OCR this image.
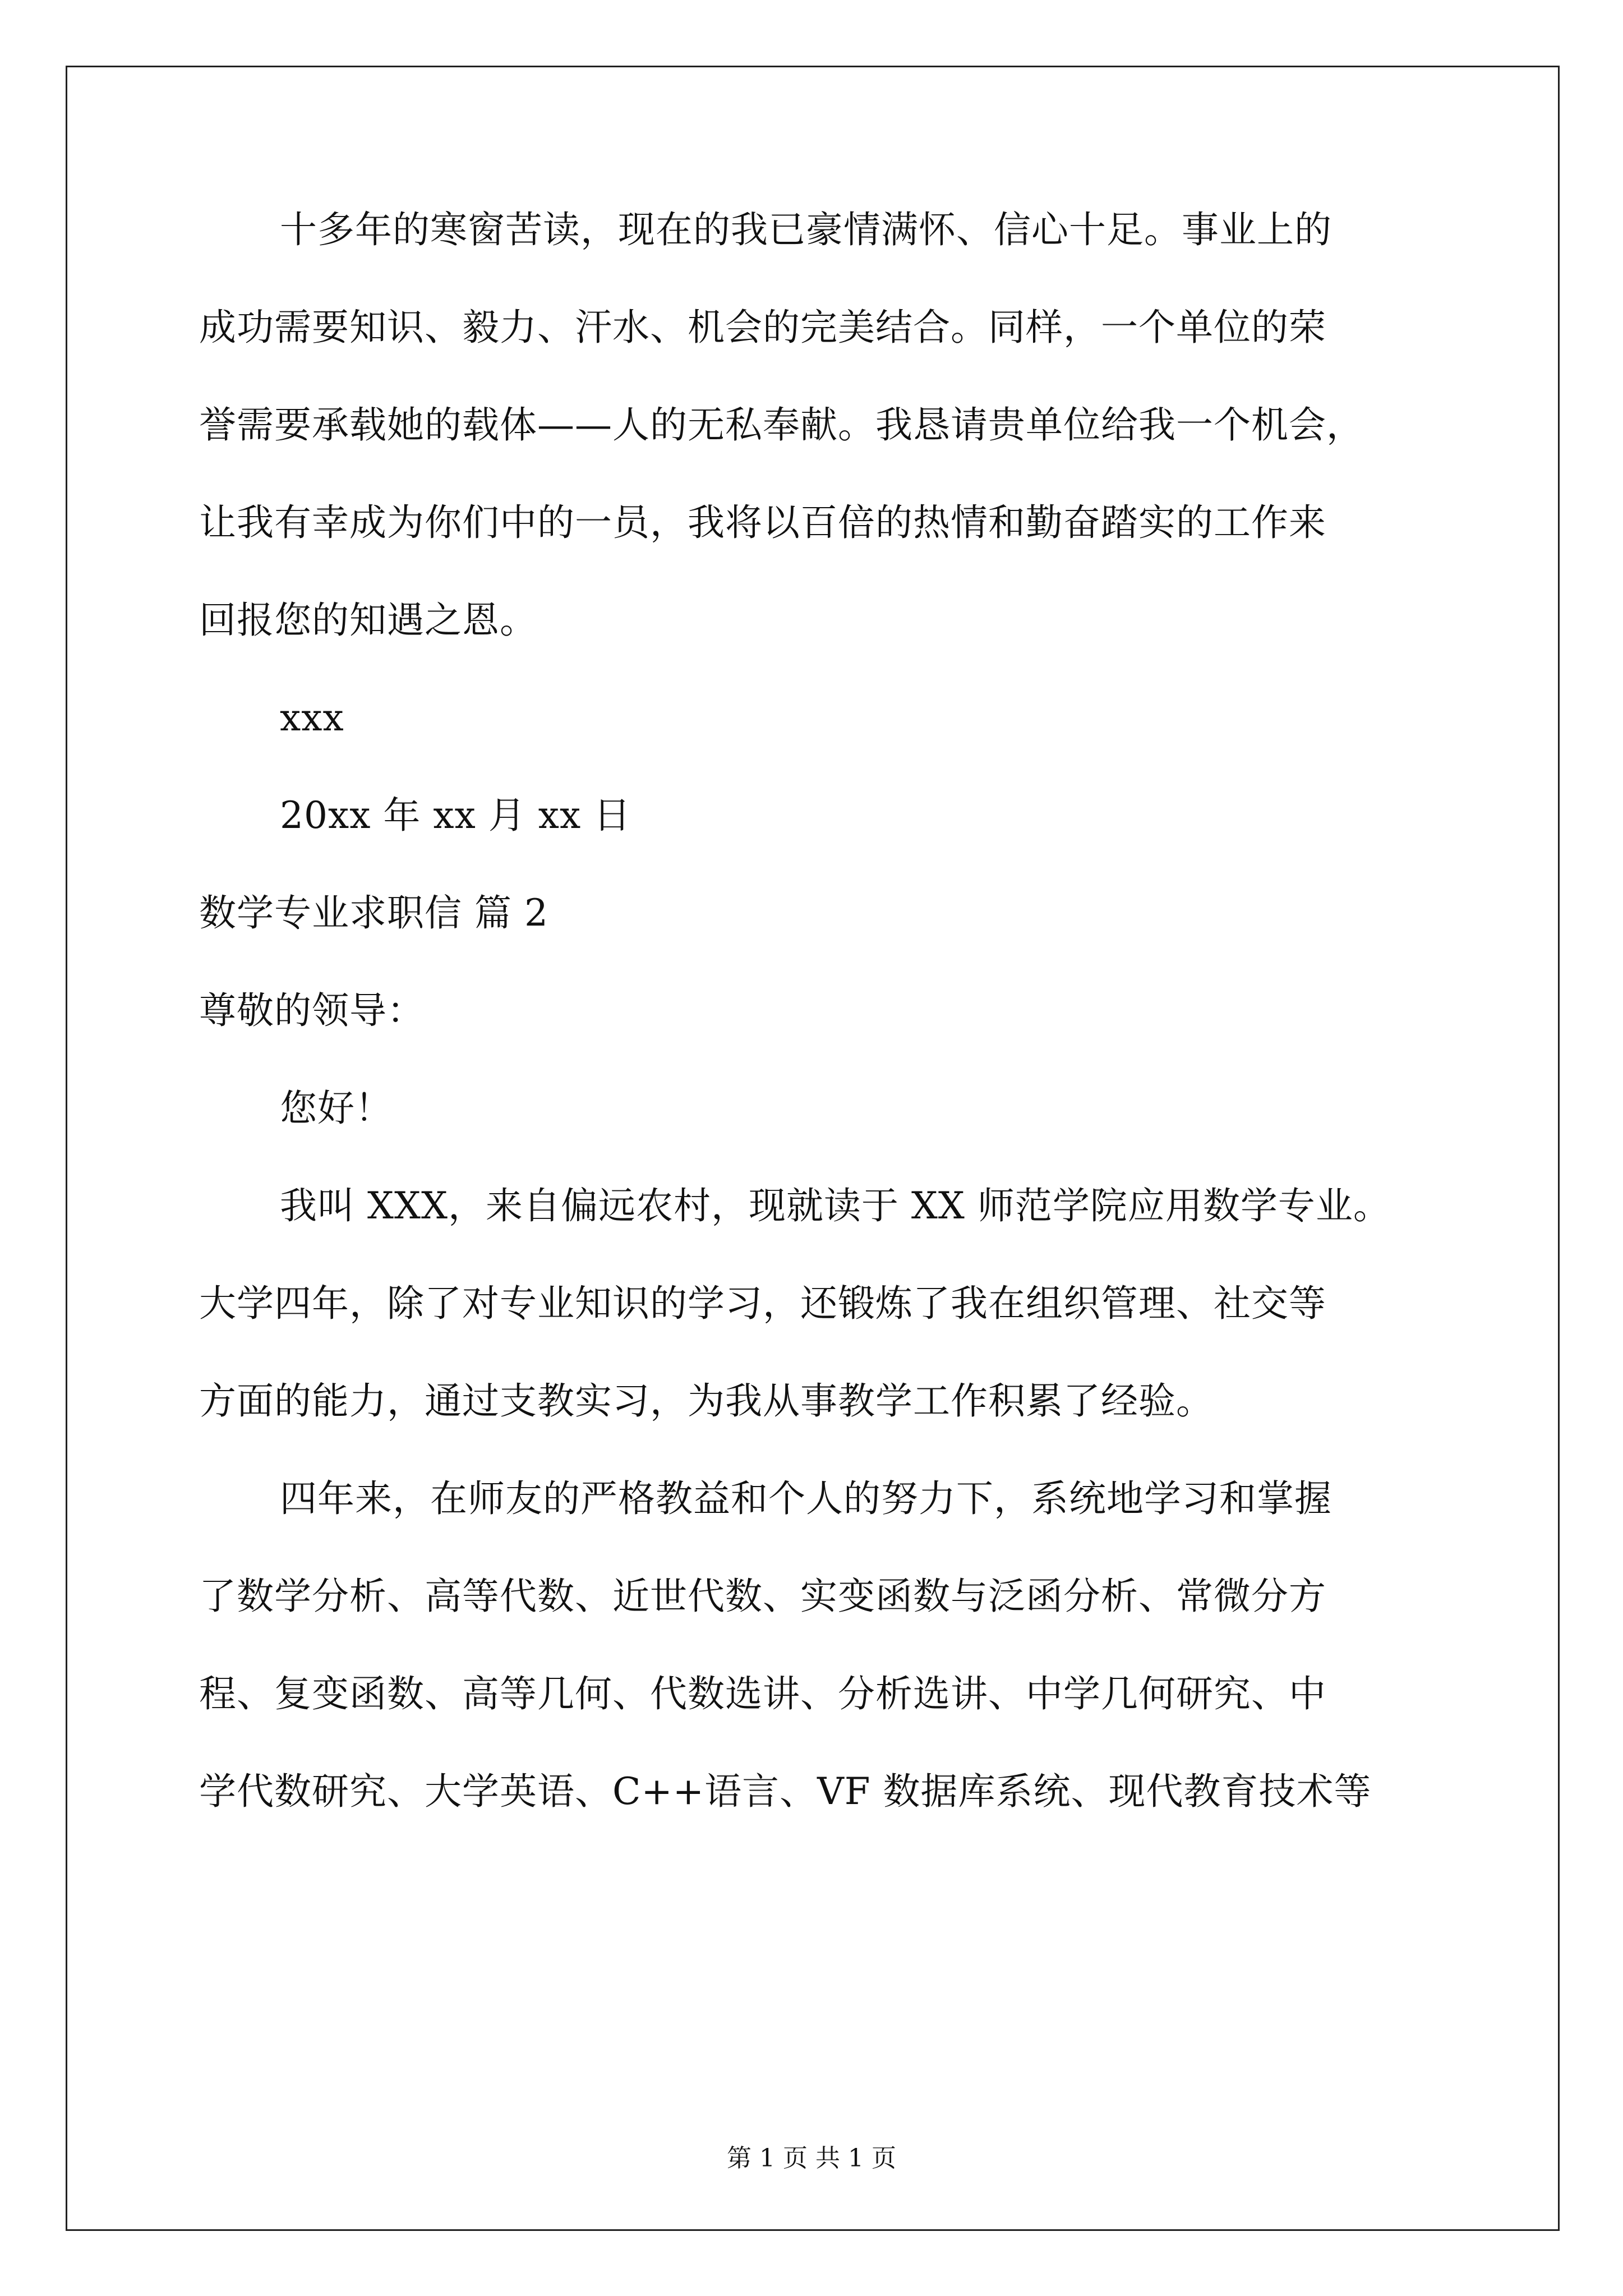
十多年的寒窗苦读，现在的我已豪情满怀、信心十足。事业上的
成功需要知识、毅力、汗水、机会的完美结合。同样，一个单位的荣
誉需要承载她的载体——人的无私奉献。我恳请贵单位给我一个机会，
让我有幸成为你们中的一员，我将以百倍的热情和勤奋踏实的工作来
回报您的知遇之恩。
xxx
20xx 年 xx 月 xx 日
数学专业求职信 篇 2
尊敬的领导：
您好！
我叫 XXX，来自偏远农村，现就读于 XX 师范学院应用数学专业。
大学四年，除了对专业知识的学习，还锻炼了我在组织管理、社交等
方面的能力，通过支教实习，为我从事教学工作积累了经验。
四年来，在师友的严格教益和个人的努力下，系统地学习和掌握
了数学分析、高等代数、近世代数、实变函数与泛函分析、常微分方
程、复变函数、高等几何、代数选讲、分析选讲、中学几何研究、中
学代数研究、大学英语、C++语言、VF 数据库系统、现代教育技术等
第 1 页 共 1 页
